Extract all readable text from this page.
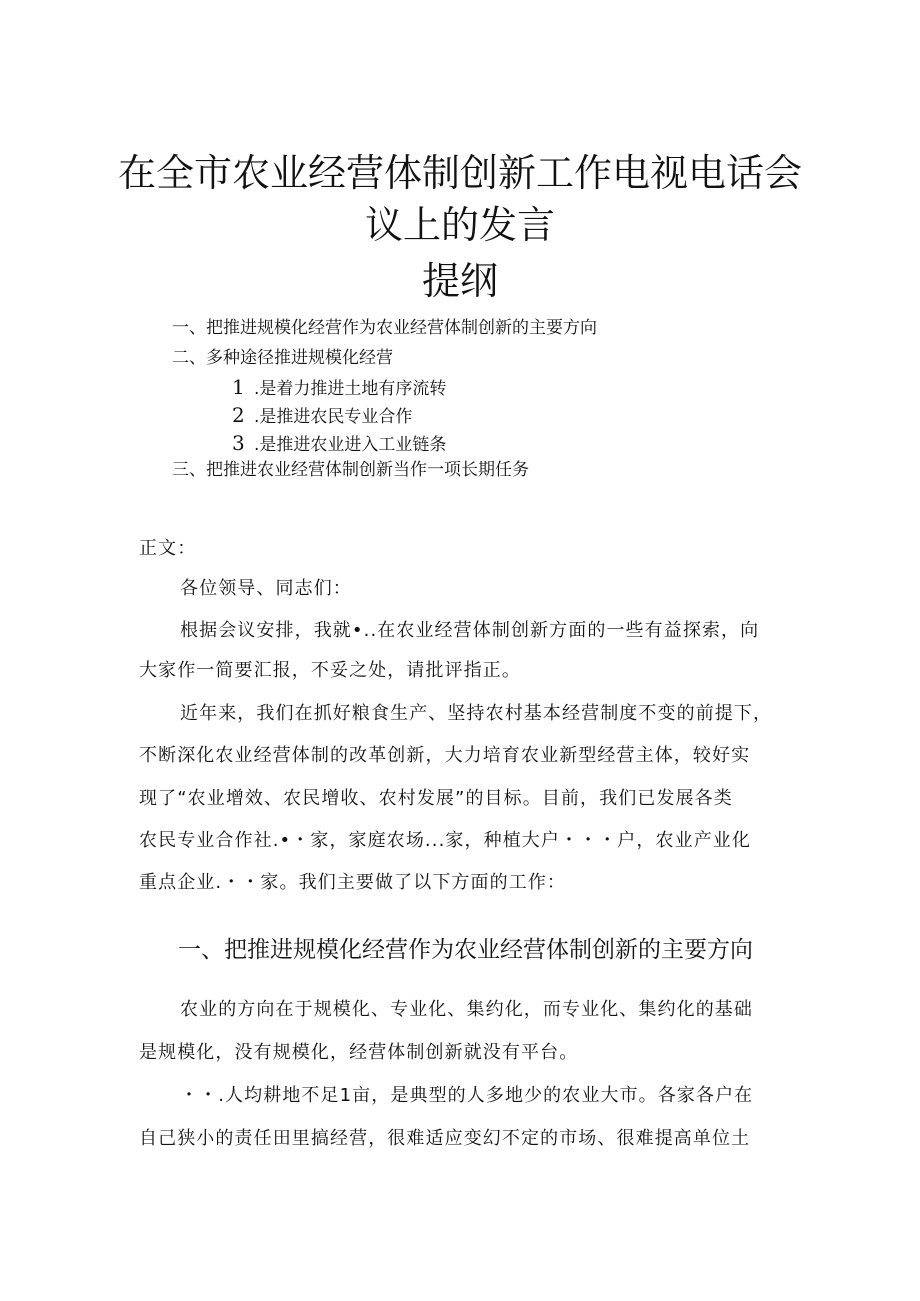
在全市农业经营体制创新工作电视电话会
议上的发言
提纲
一、把推进规模化经营作为农业经营体制创新的主要方向
二、多种途径推进规模化经营
1 .是着力推进土地有序流转
2 .是推进农民专业合作
3 .是推进农业进入工业链条
三、把推进农业经营体制创新当作一项长期任务
正文：
各位领导、同志们：
根据会议安排，我就•..在农业经营体制创新方面的一些有益探索，向
大家作一简要汇报，不妥之处，请批评指正。
近年来，我们在抓好粮食生产、坚持农村基本经营制度不变的前提下，
不断深化农业经营体制的改革创新，大力培育农业新型经营主体，较好实
现了“农业增效、农民增收、农村发展”的目标。目前，我们已发展各类
农民专业合作社.•・家，家庭农场...家，种植大户・・・户，农业产业化
重点企业.・・家。我们主要做了以下方面的工作：
一、把推进规模化经营作为农业经营体制创新的主要方向
农业的方向在于规模化、专业化、集约化，而专业化、集约化的基础
是规模化，没有规模化，经营体制创新就没有平台。
・・.人均耕地不足1亩，是典型的人多地少的农业大市。各家各户在
自己狭小的责任田里搞经营，很难适应变幻不定的市场、很难提高单位土
